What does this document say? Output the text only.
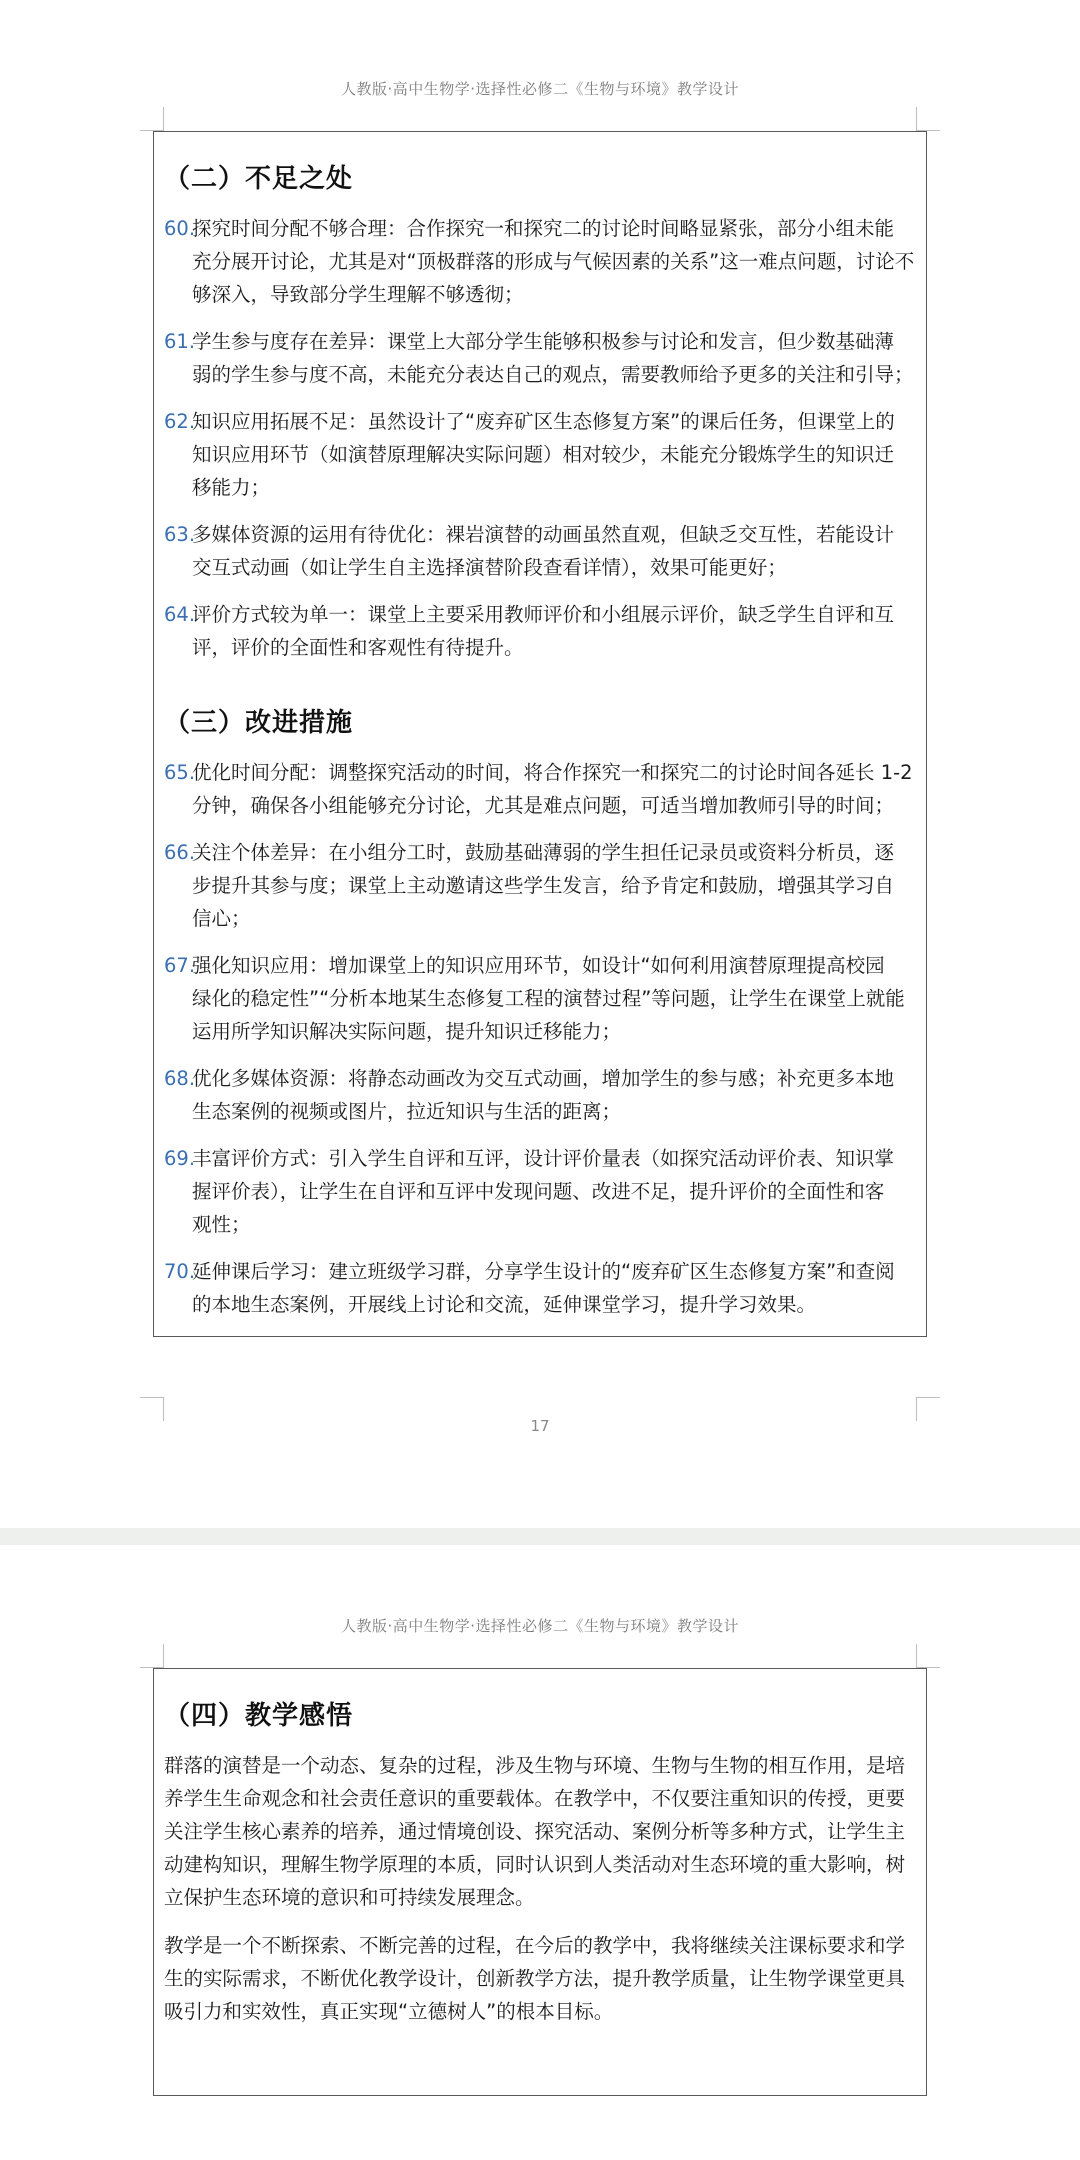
人教版·高中生物学·选择性必修二《生物与环境》教学设计
（二）不足之处
60.
探究时间分配不够合理：合作探究一和探究二的讨论时间略显紧张，部分小组未能
充分展开讨论，尤其是对“顶极群落的形成与气候因素的关系”这一难点问题，讨论不
够深入，导致部分学生理解不够透彻；
61.
学生参与度存在差异：课堂上大部分学生能够积极参与讨论和发言，但少数基础薄
弱的学生参与度不高，未能充分表达自己的观点，需要教师给予更多的关注和引导；
62.
知识应用拓展不足：虽然设计了“废弃矿区生态修复方案”的课后任务，但课堂上的
知识应用环节（如演替原理解决实际问题）相对较少，未能充分锻炼学生的知识迁
移能力；
63.
多媒体资源的运用有待优化：裸岩演替的动画虽然直观，但缺乏交互性，若能设计
交互式动画（如让学生自主选择演替阶段查看详情），效果可能更好；
64.
评价方式较为单一：课堂上主要采用教师评价和小组展示评价，缺乏学生自评和互
评，评价的全面性和客观性有待提升。
（三）改进措施
65.
优化时间分配：调整探究活动的时间，将合作探究一和探究二的讨论时间各延长 1-2
分钟，确保各小组能够充分讨论，尤其是难点问题，可适当增加教师引导的时间；
66.
关注个体差异：在小组分工时，鼓励基础薄弱的学生担任记录员或资料分析员，逐
步提升其参与度；课堂上主动邀请这些学生发言，给予肯定和鼓励，增强其学习自
信心；
67.
强化知识应用：增加课堂上的知识应用环节，如设计“如何利用演替原理提高校园
绿化的稳定性”“分析本地某生态修复工程的演替过程”等问题，让学生在课堂上就能
运用所学知识解决实际问题，提升知识迁移能力；
68.
优化多媒体资源：将静态动画改为交互式动画，增加学生的参与感；补充更多本地
生态案例的视频或图片，拉近知识与生活的距离；
69.
丰富评价方式：引入学生自评和互评，设计评价量表（如探究活动评价表、知识掌
握评价表），让学生在自评和互评中发现问题、改进不足，提升评价的全面性和客
观性；
70.
延伸课后学习：建立班级学习群，分享学生设计的“废弃矿区生态修复方案”和查阅
的本地生态案例，开展线上讨论和交流，延伸课堂学习，提升学习效果。
17
人教版·高中生物学·选择性必修二《生物与环境》教学设计
（四）教学感悟
群落的演替是一个动态、复杂的过程，涉及生物与环境、生物与生物的相互作用，是培
养学生生命观念和社会责任意识的重要载体。在教学中，不仅要注重知识的传授，更要
关注学生核心素养的培养，通过情境创设、探究活动、案例分析等多种方式，让学生主
动建构知识，理解生物学原理的本质，同时认识到人类活动对生态环境的重大影响，树
立保护生态环境的意识和可持续发展理念。
教学是一个不断探索、不断完善的过程，在今后的教学中，我将继续关注课标要求和学
生的实际需求，不断优化教学设计，创新教学方法，提升教学质量，让生物学课堂更具
吸引力和实效性，真正实现“立德树人”的根本目标。
